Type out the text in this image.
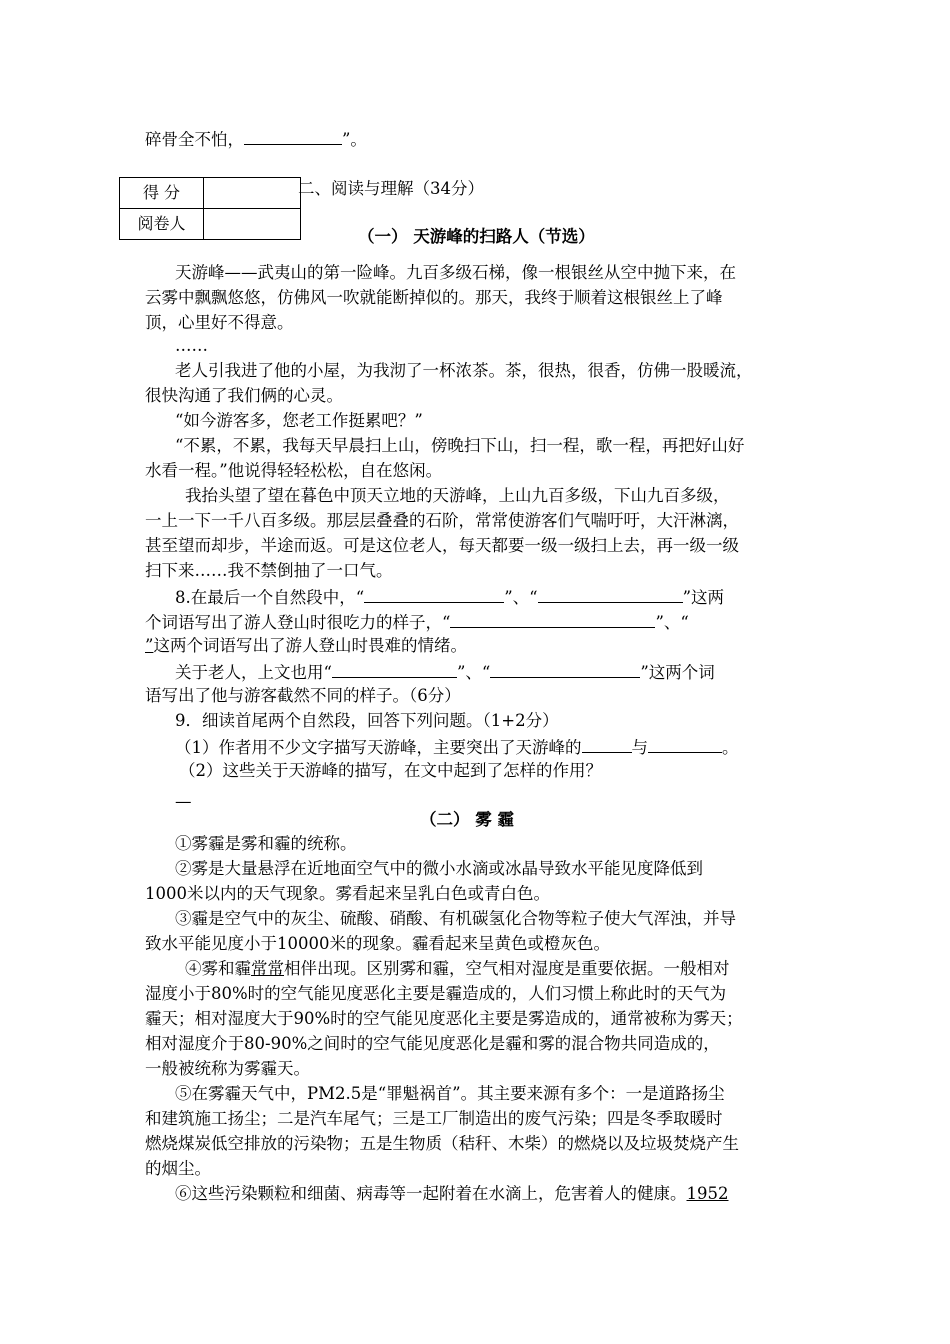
碎骨全不怕，	”。
得 分	
阅卷人	
二、阅读与理解（34分）
（一） 天游峰的扫路人（节选）
天游峰——武夷山的第一险峰。九百多级石梯，像一根银丝从空中抛下来，在
云雾中飘飘悠悠，仿佛风一吹就能断掉似的。那天，我终于顺着这根银丝上了峰
顶，心里好不得意。
……
老人引我进了他的小屋，为我沏了一杯浓茶。茶，很热，很香，仿佛一股暖流，
很快沟通了我们俩的心灵。
“如今游客多，您老工作挺累吧？”
“不累，不累，我每天早晨扫上山，傍晚扫下山，扫一程，歌一程，再把好山好
水看一程。”他说得轻轻松松，自在悠闲。
我抬头望了望在暮色中顶天立地的天游峰，上山九百多级，下山九百多级，
一上一下一千八百多级。那层层叠叠的石阶，常常使游客们气喘吁吁，大汗淋漓，
甚至望而却步，半途而返。可是这位老人，每天都要一级一级扫上去，再一级一级
扫下来……我不禁倒抽了一口气。
8.在最后一个自然段中，“	”、“	”这两
个词语写出了游人登山时很吃力的样子，“	”、“
”这两个词语写出了游人登山时畏难的情绪。
关于老人，上文也用“	”、“	”这两个词
语写出了他与游客截然不同的样子。（6分）
9．细读首尾两个自然段，回答下列问题。（1+2分）
（1）作者用不少文字描写天游峰，主要突出了天游峰的	与	。
（2）这些关于天游峰的描写，在文中起到了怎样的作用？
—
（二） 雾 霾
①雾霾是雾和霾的统称。
②雾是大量悬浮在近地面空气中的微小水滴或冰晶导致水平能见度降低到
1000米以内的天气现象。雾看起来呈乳白色或青白色。
③霾是空气中的灰尘、硫酸、硝酸、有机碳氢化合物等粒子使大气浑浊，并导
致水平能见度小于10000米的现象。霾看起来呈黄色或橙灰色。
④雾和霾常常相伴出现。区别雾和霾，空气相对湿度是重要依据。一般相对
湿度小于80%时的空气能见度恶化主要是霾造成的，人们习惯上称此时的天气为
霾天；相对湿度大于90%时的空气能见度恶化主要是雾造成的，通常被称为雾天；
相对湿度介于80-90%之间时的空气能见度恶化是霾和雾的混合物共同造成的，
一般被统称为雾霾天。
⑤在雾霾天气中，PM2.5是“罪魁祸首”。其主要来源有多个：一是道路扬尘
和建筑施工扬尘；二是汽车尾气；三是工厂制造出的废气污染；四是冬季取暖时
燃烧煤炭低空排放的污染物；五是生物质（秸秆、木柴）的燃烧以及垃圾焚烧产生
的烟尘。
⑥这些污染颗粒和细菌、病毒等一起附着在水滴上，危害着人的健康。1952
